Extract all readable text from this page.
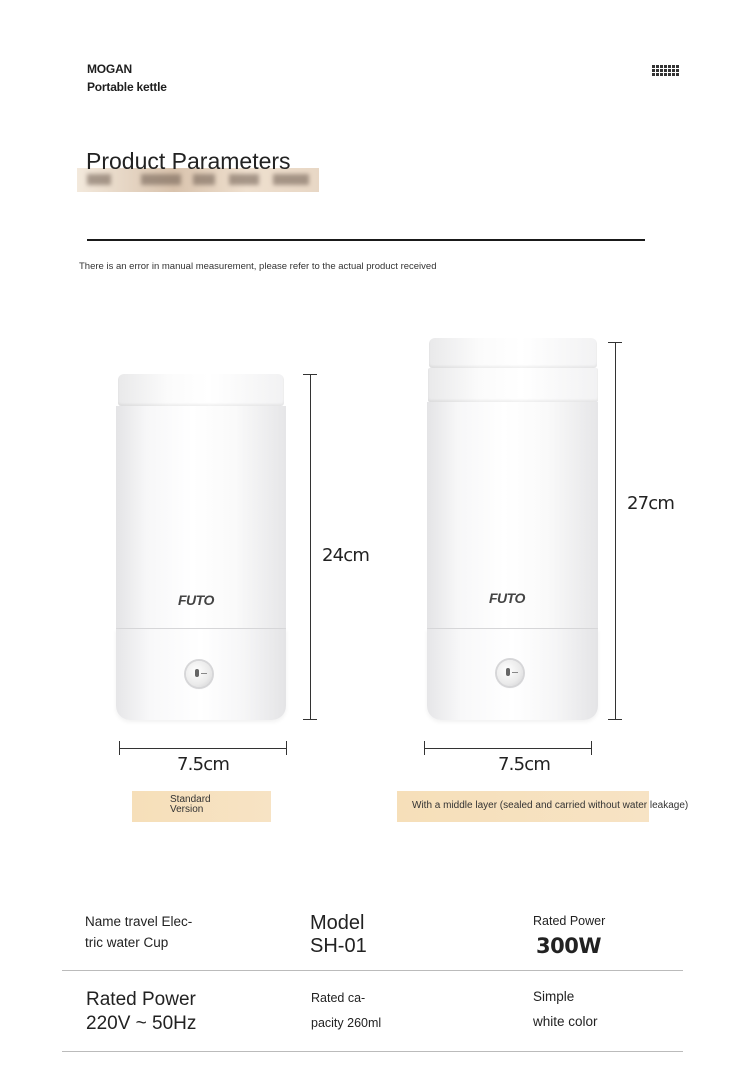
MOGAN
Portable kettle
Product Parameters
There is an error in manual measurement, please refer to the actual product received
FUTO
24cm
7.5cm
Standard
Version
FUTO
27cm
7.5cm
With a middle layer (sealed and carried without water leakage)
Name travel Elec-
tric water Cup
Model
SH-01
Rated Power
300W
Rated Power
220V ~ 50Hz
Rated ca-
pacity 260ml
Simple
white color
